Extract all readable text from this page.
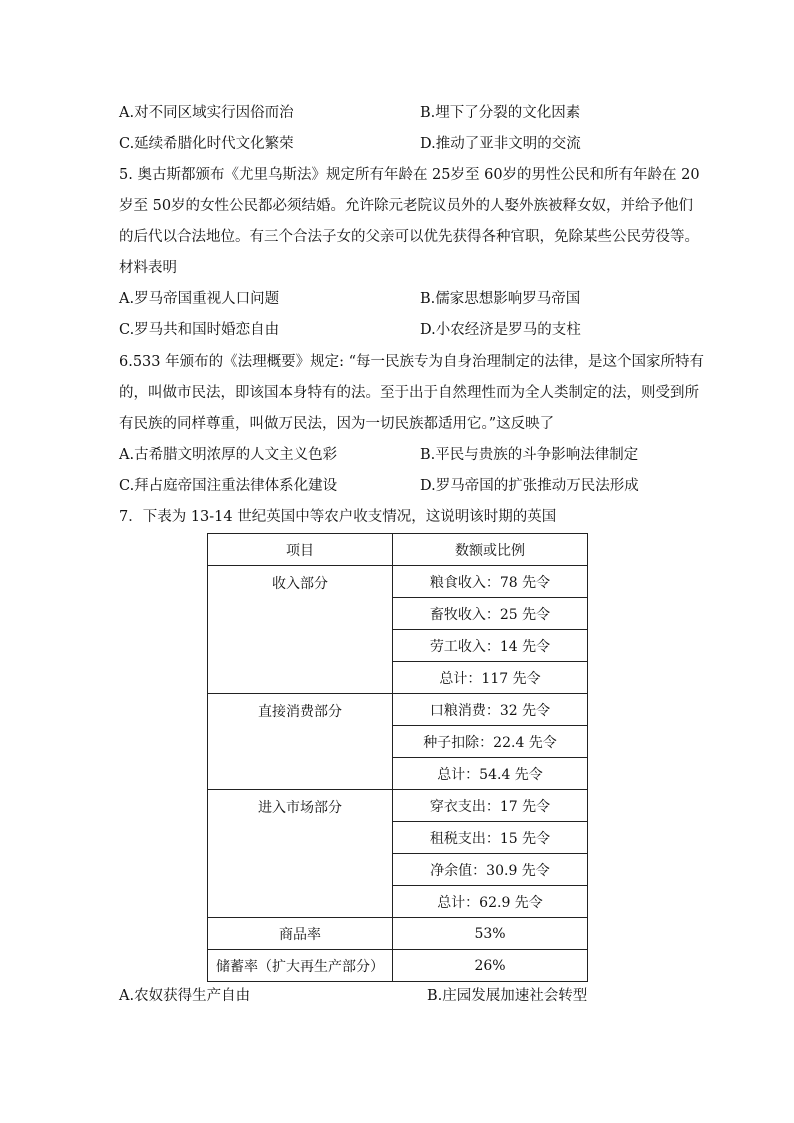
A.对不同区域实行因俗而治	B.埋下了分裂的文化因素
C.延续希腊化时代文化繁荣	D.推动了亚非文明的交流
5. 奥古斯都颁布《尤里乌斯法》规定所有年龄在 25岁至 60岁的男性公民和所有年龄在 20
岁至 50岁的女性公民都必须结婚。允许除元老院议员外的人娶外族被释女奴，并给予他们
的后代以合法地位。有三个合法子女的父亲可以优先获得各种官职，免除某些公民劳役等。
材料表明
A.罗马帝国重视人口问题	B.儒家思想影响罗马帝国
C.罗马共和国时婚恋自由	D.小农经济是罗马的支柱
6.533 年颁布的《法理概要》规定: “每一民族专为自身治理制定的法律，是这个国家所特有
的，叫做市民法，即该国本身特有的法。至于出于自然理性而为全人类制定的法，则受到所
有民族的同样尊重，叫做万民法，因为一切民族都适用它。”这反映了
A.古希腊文明浓厚的人文主义色彩	B.平民与贵族的斗争影响法律制定
C.拜占庭帝国注重法律体系化建设	D.罗马帝国的扩张推动万民法形成
7．下表为 13-14 世纪英国中等农户收支情况，这说明该时期的英国
项目	数额或比例
收入部分	粮食收入：78 先令
	畜牧收入：25 先令
	劳工收入：14 先令
	总计：117 先令
直接消费部分	口粮消费：32 先令
	种子扣除：22.4 先令
	总计：54.4 先令
进入市场部分	穿衣支出：17 先令
	租税支出：15 先令
	净余值：30.9 先令
	总计：62.9 先令
商品率	53%
储蓄率（扩大再生产部分）	26%
A.农奴获得生产自由	B.庄园发展加速社会转型
